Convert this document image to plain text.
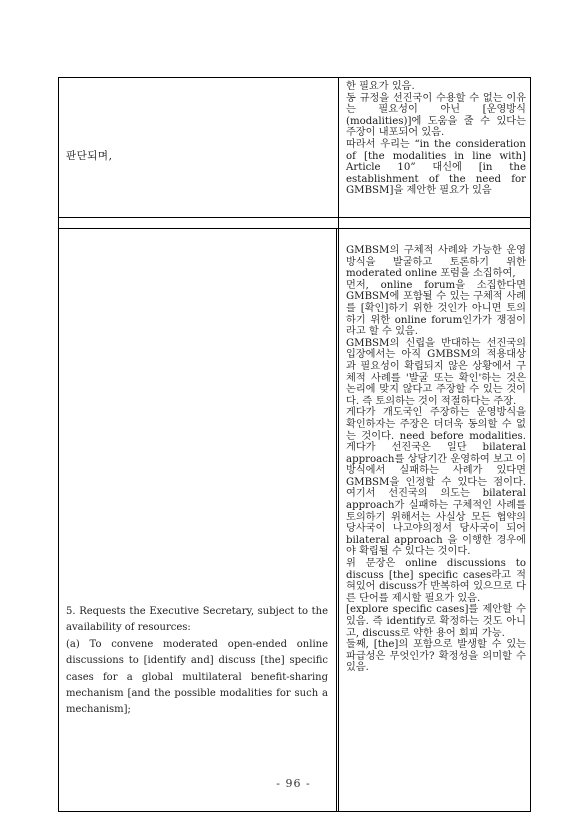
판단되며,

한 필요가 있음.

동 규정을 선진국이 수용할 수 없는 이유는 필요성이 아닌 [운영방식(modalities)]에 도움을 줄 수 있다는 주장이 내포되어 있음.

따라서 우리는 “in the consideration of [the modalities in line with] Article 10” 대신에 [in the establishment of the need for GMBSM]을 제안한 필요가 있음

5. Requests the Executive Secretary, subject to the availability of resources:

(a) To convene moderated open-ended online discussions to [identify and] discuss [the] specific cases for a global multilateral benefit-sharing mechanism [and the possible modalities for such a mechanism];

GMBSM의 구체적 사례와 가능한 운영방식을 발굴하고 토론하기 위한 moderated online 포럼을 소집하여,

먼저, online forum을 소집한다면 GMBSM에 포함될 수 있는 구체적 사례를 [확인]하기 위한 것인가 아니면 토의하기 위한 online forum인가가 쟁점이라고 할 수 있음.

GMBSM의 신립을 반대하는 선진국의 입장에서는 아직 GMBSM의 적용대상과 필요성이 확립되지 않은 상황에서 구체적 사례를 '발굴 또는 확인'하는 것은 논리에 맞지 않다고 주장할 수 있는 것이다. 즉 토의하는 것이 적절하다는 주장.

게다가 개도국인 주장하는 운영방식을 확인하자는 주장은 더더욱 동의할 수 없는 것이다. need before modalities. 게다가 선진국은 일단 bilateral approach를 상당기간 운영하여 보고 이 방식에서 실패하는 사례가 있다면 GMBSM을 인정할 수 있다는 점이다. 여기서 선진국의 의도는 bilateral approach가 실패하는 구체적인 사례를 토의하기 위해서는 사실상 모든 협약의 당사국이 나고야의정서 당사국이 되어 bilateral approach 을 이행한 경우에야 확립될 수 있다는 것이다.

위 문장은 online discussions to discuss [the] specific cases라고 적혀있어 discuss가 반복하여 있으므로 다른 단어를 제시할 필요가 있음.

[explore specific cases]를 제안할 수 있음. 즉 identify로 확정하는 것도 아니고, discuss로 약한 용어 회피 가능.

둘째, [the]의 포함으로 발생할 수 있는 파급성은 무엇인가? 확정성을 의미할 수 있음.

- 96 -
